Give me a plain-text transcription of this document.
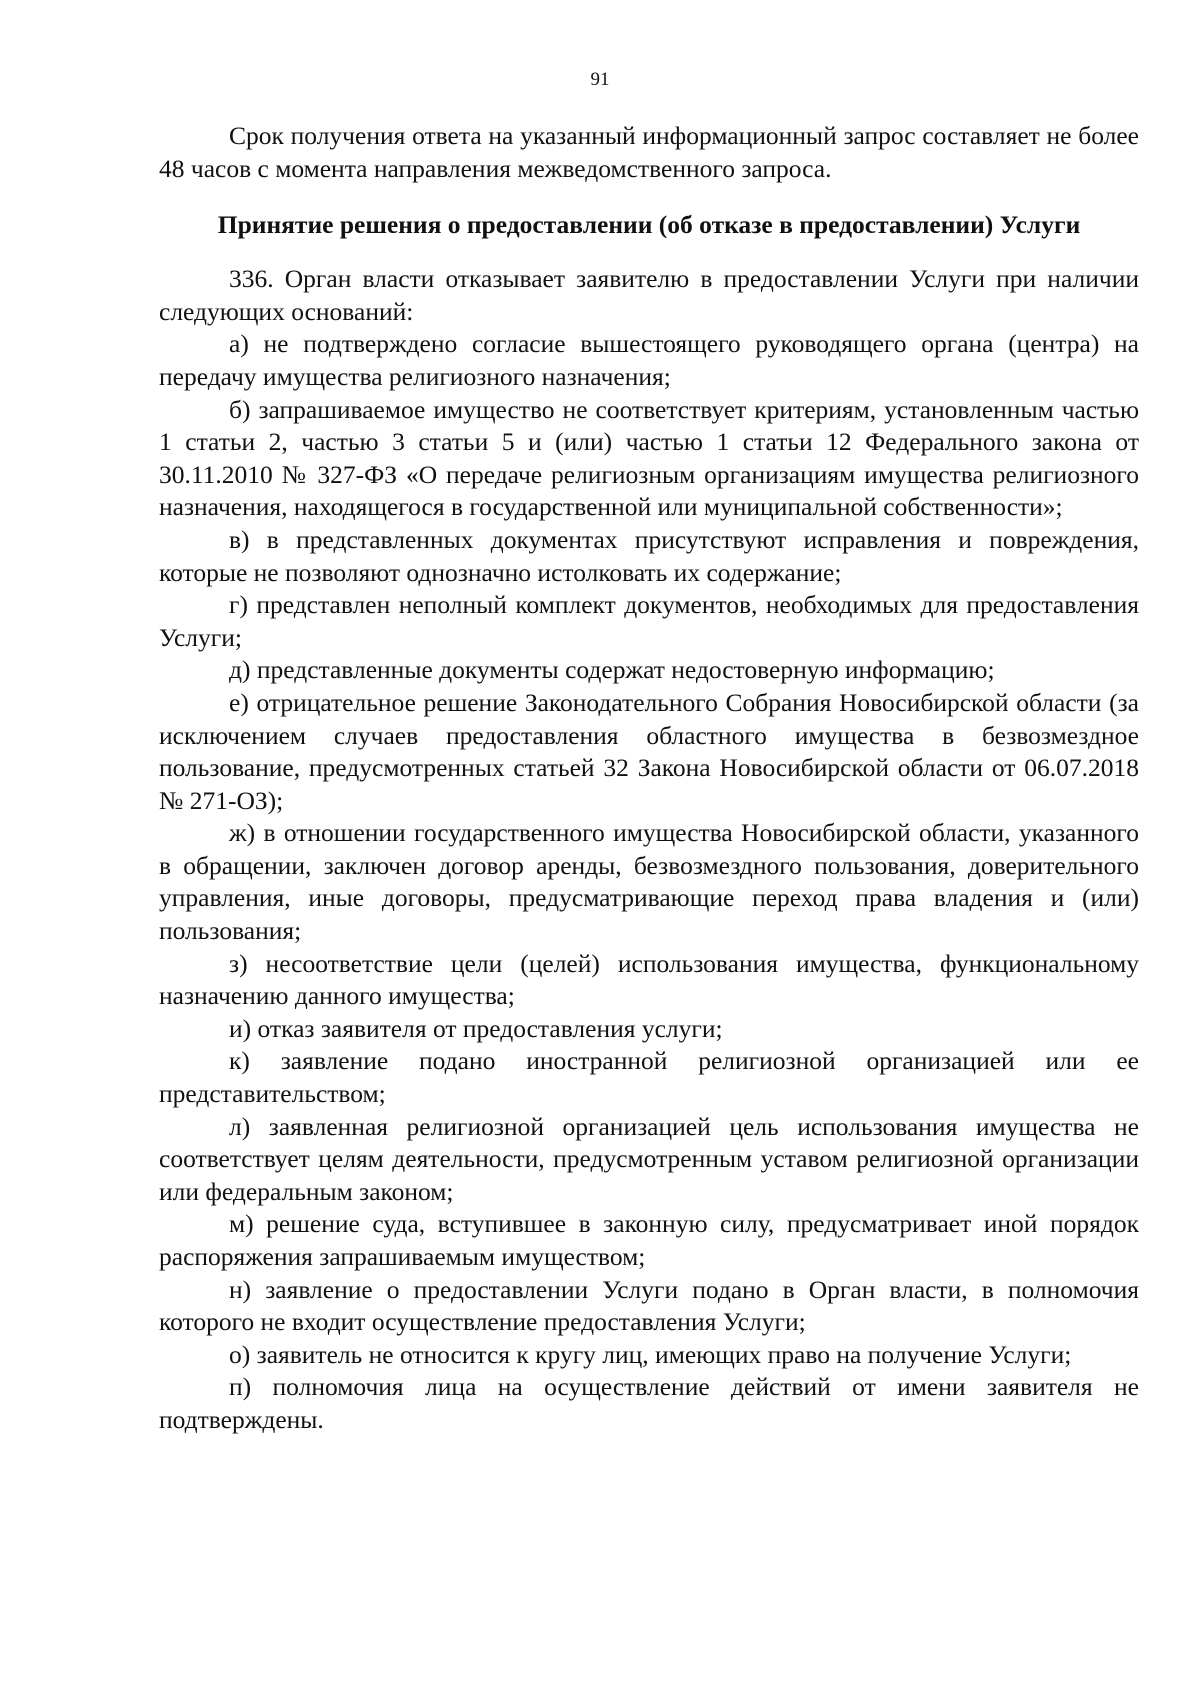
91

Срок получения ответа на указанный информационный запрос составляет не более 48 часов с момента направления межведомственного запроса.

Принятие решения о предоставлении (об отказе в предоставлении) Услуги

336. Орган власти отказывает заявителю в предоставлении Услуги при наличии следующих оснований:

а) не подтверждено согласие вышестоящего руководящего органа (центра) на передачу имущества религиозного назначения;

б) запрашиваемое имущество не соответствует критериям, установленным частью 1 статьи 2, частью 3 статьи 5 и (или) частью 1 статьи 12 Федерального закона от 30.11.2010 № 327-ФЗ «О передаче религиозным организациям имущества религиозного назначения, находящегося в государственной или муниципальной собственности»;

в) в представленных документах присутствуют исправления и повреждения, которые не позволяют однозначно истолковать их содержание;

г) представлен неполный комплект документов, необходимых для предоставления Услуги;

д) представленные документы содержат недостоверную информацию;

е) отрицательное решение Законодательного Собрания Новосибирской области (за исключением случаев предоставления областного имущества в безвозмездное пользование, предусмотренных статьей 32 Закона Новосибирской области от 06.07.2018 № 271-ОЗ);

ж) в отношении государственного имущества Новосибирской области, указанного в обращении, заключен договор аренды, безвозмездного пользования, доверительного управления, иные договоры, предусматривающие переход права владения и (или) пользования;

з) несоответствие цели (целей) использования имущества, функциональному назначению данного имущества;

и) отказ заявителя от предоставления услуги;

к) заявление подано иностранной религиозной организацией или ее представительством;

л) заявленная религиозной организацией цель использования имущества не соответствует целям деятельности, предусмотренным уставом религиозной организации или федеральным законом;

м) решение суда, вступившее в законную силу, предусматривает иной порядок распоряжения запрашиваемым имуществом;

н) заявление о предоставлении Услуги подано в Орган власти, в полномочия которого не входит осуществление предоставления Услуги;

о) заявитель не относится к кругу лиц, имеющих право на получение Услуги;

п) полномочия лица на осуществление действий от имени заявителя не подтверждены.
